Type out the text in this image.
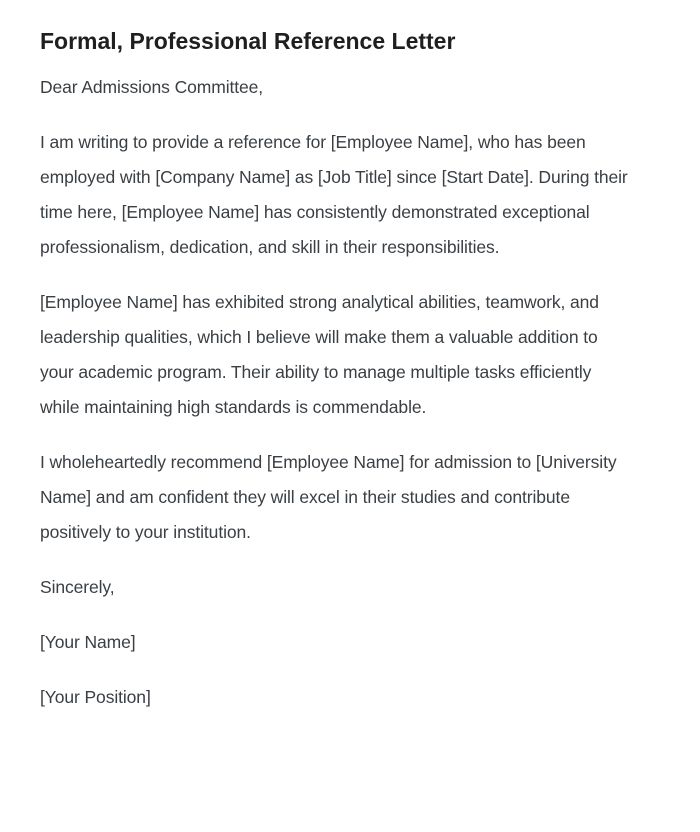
Formal, Professional Reference Letter

Dear Admissions Committee,

I am writing to provide a reference for [Employee Name], who has been employed with [Company Name] as [Job Title] since [Start Date]. During their time here, [Employee Name] has consistently demonstrated exceptional professionalism, dedication, and skill in their responsibilities.

[Employee Name] has exhibited strong analytical abilities, teamwork, and leadership qualities, which I believe will make them a valuable addition to your academic program. Their ability to manage multiple tasks efficiently while maintaining high standards is commendable.

I wholeheartedly recommend [Employee Name] for admission to [University Name] and am confident they will excel in their studies and contribute positively to your institution.

Sincerely,

[Your Name]

[Your Position]
